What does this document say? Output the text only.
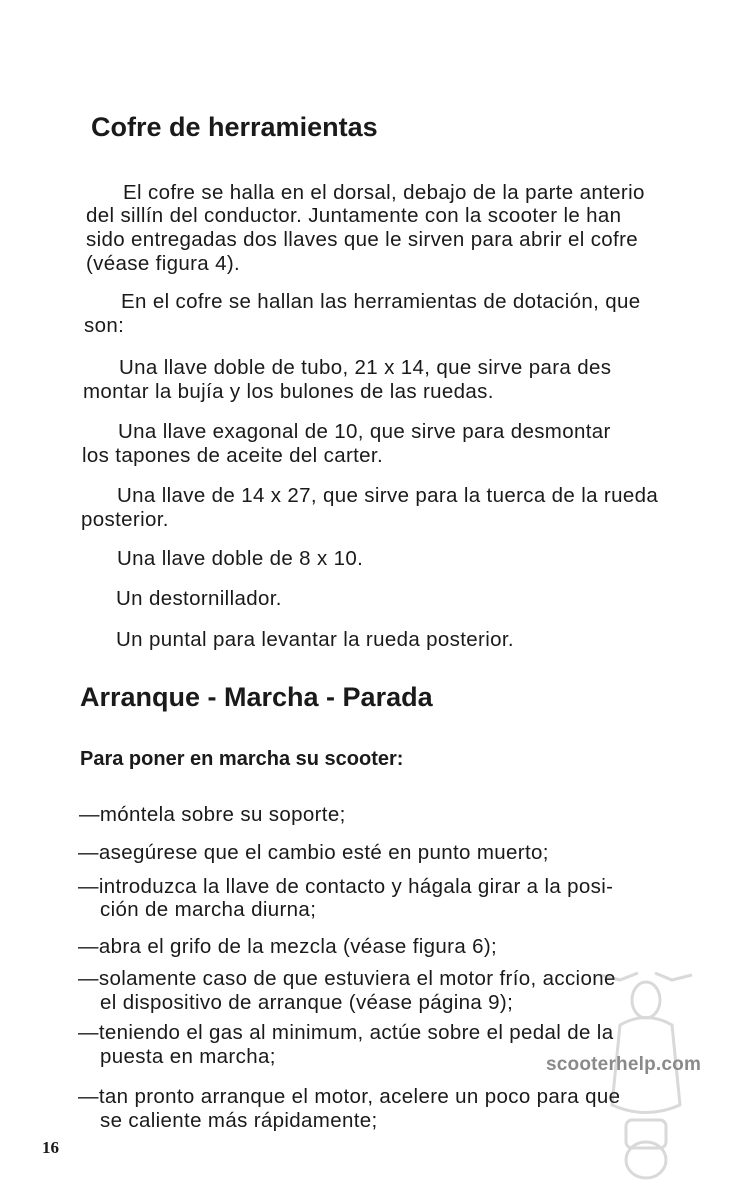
Cofre de herramientas
El cofre se halla en el dorsal, debajo de la parte anterio
del sillín del conductor. Juntamente con la scooter le han
sido entregadas dos llaves que le sirven para abrir el cofre
(véase figura 4).
En el cofre se hallan las herramientas de dotación, que
son:
Una llave doble de tubo, 21 x 14, que sirve para des
montar la bujía y los bulones de las ruedas.
Una llave exagonal de 10, que sirve para desmontar
los tapones de aceite del carter.
Una llave de 14 x 27, que sirve para la tuerca de la rueda
posterior.
Una llave doble de 8 x 10.
Un destornillador.
Un puntal para levantar la rueda posterior.
Arranque - Marcha - Parada
Para poner en marcha su scooter:
—móntela sobre su soporte;
—asegúrese que el cambio esté en punto muerto;
—introduzca la llave de contacto y hágala girar a la posi-
ción de marcha diurna;
—abra el grifo de la mezcla (véase figura 6);
—solamente caso de que estuviera el motor frío, accione
el dispositivo de arranque (véase página 9);
—teniendo el gas al minimum, actúe sobre el pedal de la
puesta en marcha;
—tan pronto arranque el motor, acelere un poco para que
se caliente más rápidamente;
scooterhelp.com
16
